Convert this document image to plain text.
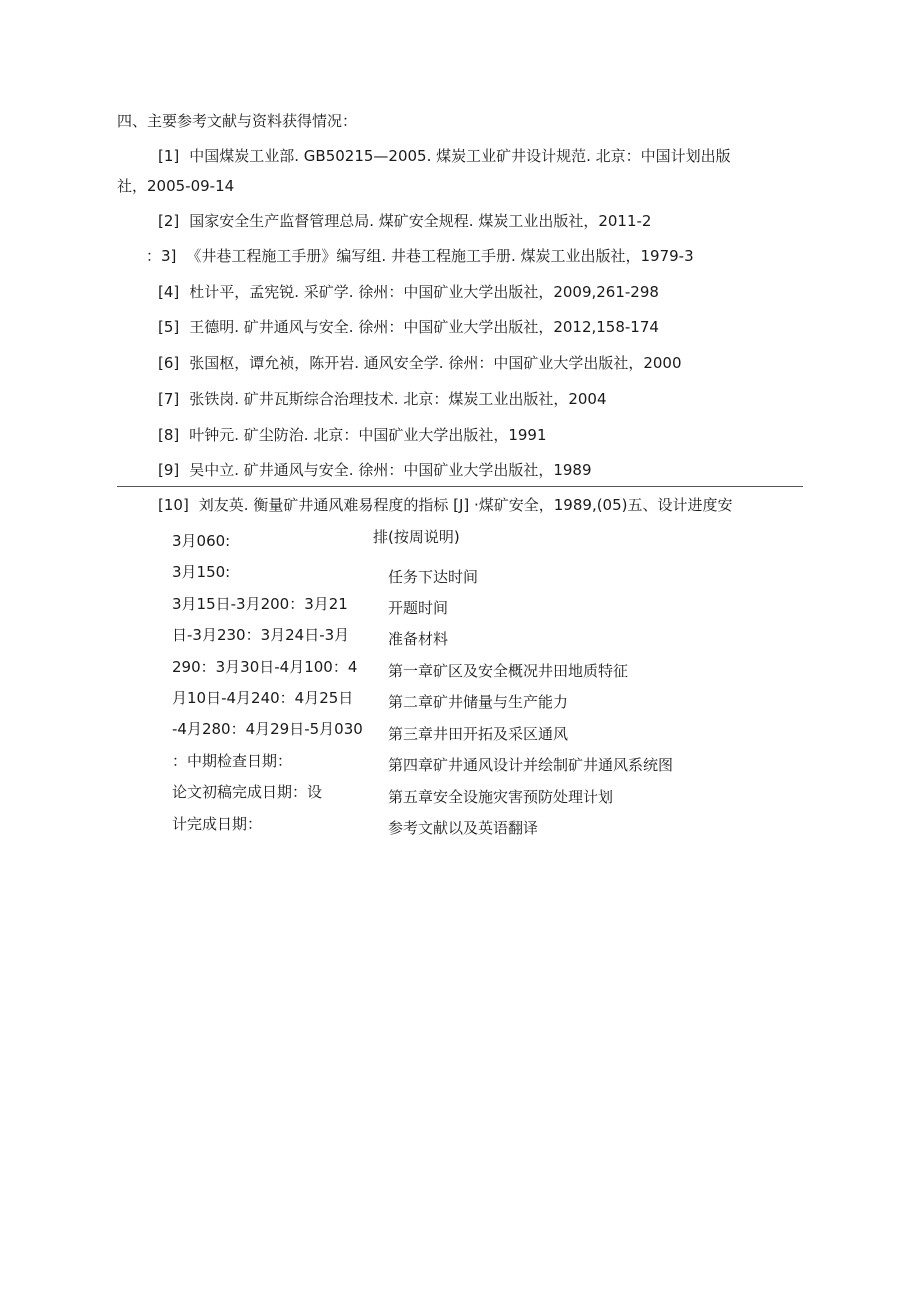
四、主要参考文献与资料获得情况：
[1] 中国煤炭工业部. GB50215—2005. 煤炭工业矿井设计规范. 北京：中国计划出版
社，2005-09-14
[2] 国家安全生产监督管理总局. 煤矿安全规程. 煤炭工业出版社，2011-2
：3] 《井巷工程施工手册》编写组. 井巷工程施工手册. 煤炭工业出版社，1979-3
[4] 杜计平，孟宪锐. 采矿学. 徐州：中国矿业大学出版社，2009,261-298
[5] 王德明. 矿井通风与安全. 徐州：中国矿业大学出版社，2012,158-174
[6] 张国枢，谭允祯，陈开岩. 通风安全学. 徐州：中国矿业大学出版社，2000
[7] 张铁岗. 矿井瓦斯综合治理技术. 北京：煤炭工业出版社，2004
[8] 叶钟元. 矿尘防治. 北京：中国矿业大学出版社，1991
[9] 吴中立. 矿井通风与安全. 徐州：中国矿业大学出版社，1989
[10] 刘友英. 衡量矿井通风难易程度的指标 [J] ·煤矿安全，1989,(05)五、设计进度安
排(按周说明)
3月060:
3月150:
3月15日-3月200：3月21
日-3月230：3月24日-3月
290：3月30日-4月100：4
月10日-4月240：4月25日
-4月280：4月29日-5月030
：中期检查日期：
论文初稿完成日期：设
计完成日期：
任务下达时间
开题时间
准备材料
第一章矿区及安全概况井田地质特征
第二章矿井储量与生产能力
第三章井田开拓及采区通风
第四章矿井通风设计并绘制矿井通风系统图
第五章安全设施灾害预防处理计划
参考文献以及英语翻译
